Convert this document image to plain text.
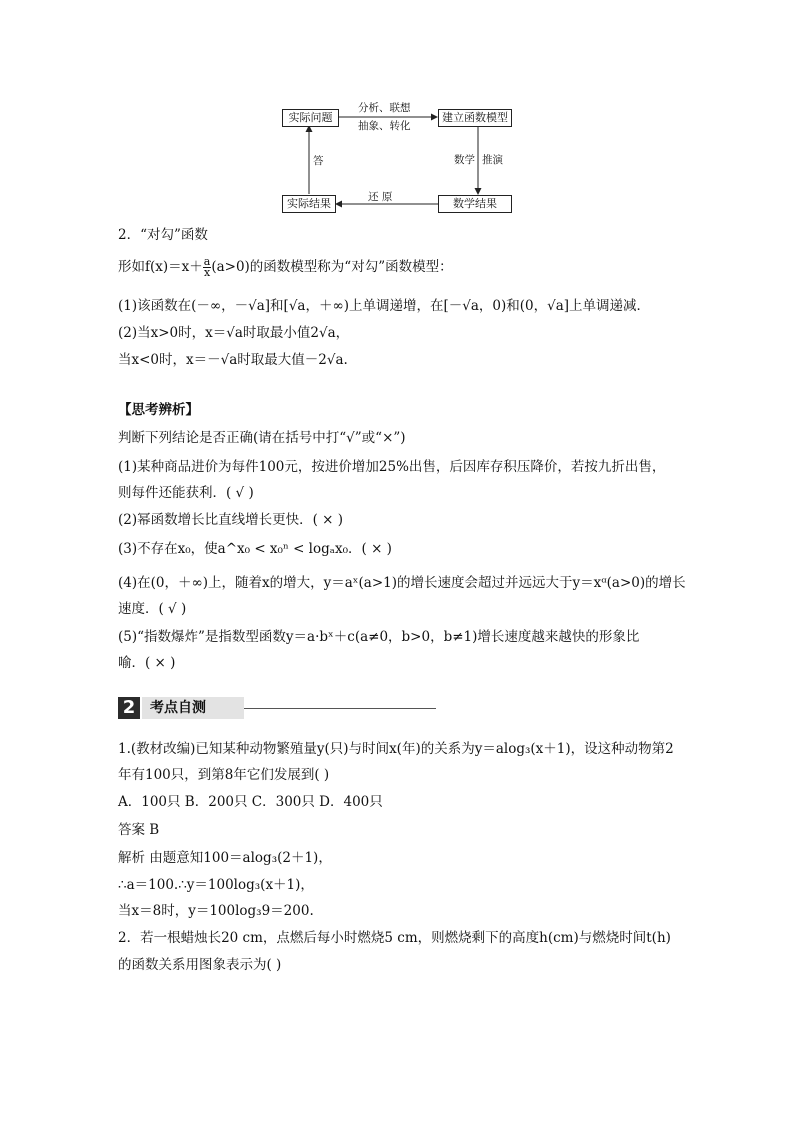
实际问题	建立函数模型
数学结果
实际结果
分析、联想
抽象、转化
数学 推演
还 原
答
2．“对勾”函数
形如$f(x)=x+ \frac{a}{x} (a>0)$的函数模型称为“对勾”函数模型：
(1)该函数在(－∞，－√a]和[√a，＋∞)上单调递增，在[－√a，0)和(0，√a]上单调递减．
(2)当x>0时，x＝√a时取最小值2√a，
当x<0时，x＝－√a时取最大值－2√a.
【思考辨析】
判断下列结论是否正确(请在括号中打“√”或“×”)
(1)某种商品进价为每件100元，按进价增加25%出售，后因库存积压降价，若按九折出售，
则每件还能获利．( √ )
(2)幂函数增长比直线增长更快．( × )
(3)不存在x₀，使a^x₀ < x₀ⁿ < logₐx₀．( × )
(4)在(0，＋∞)上，随着x的增大，y＝aˣ(a>1)的增长速度会超过并远远大于y＝xᵅ(a>0)的增长
速度．( √ )
(5)“指数爆炸”是指数型函数y＝a·bˣ＋c(a≠0，b>0，b≠1)增长速度越来越快的形象比
喻．( × )
2	考点自测
1.(教材改编)已知某种动物繁殖量y(只)与时间x(年)的关系为y＝alog₃(x＋1)，设这种动物第2
年有100只，到第8年它们发展到( )
A．100只 B．200只 C．300只 D．400只
答案 B
解析 由题意知100＝alog₃(2＋1)，
∴a＝100.∴y＝100log₃(x＋1)，
当x＝8时，y＝100log₃9＝200.
2．若一根蜡烛长20 cm，点燃后每小时燃烧5 cm，则燃烧剩下的高度h(cm)与燃烧时间t(h)
的函数关系用图象表示为( )
